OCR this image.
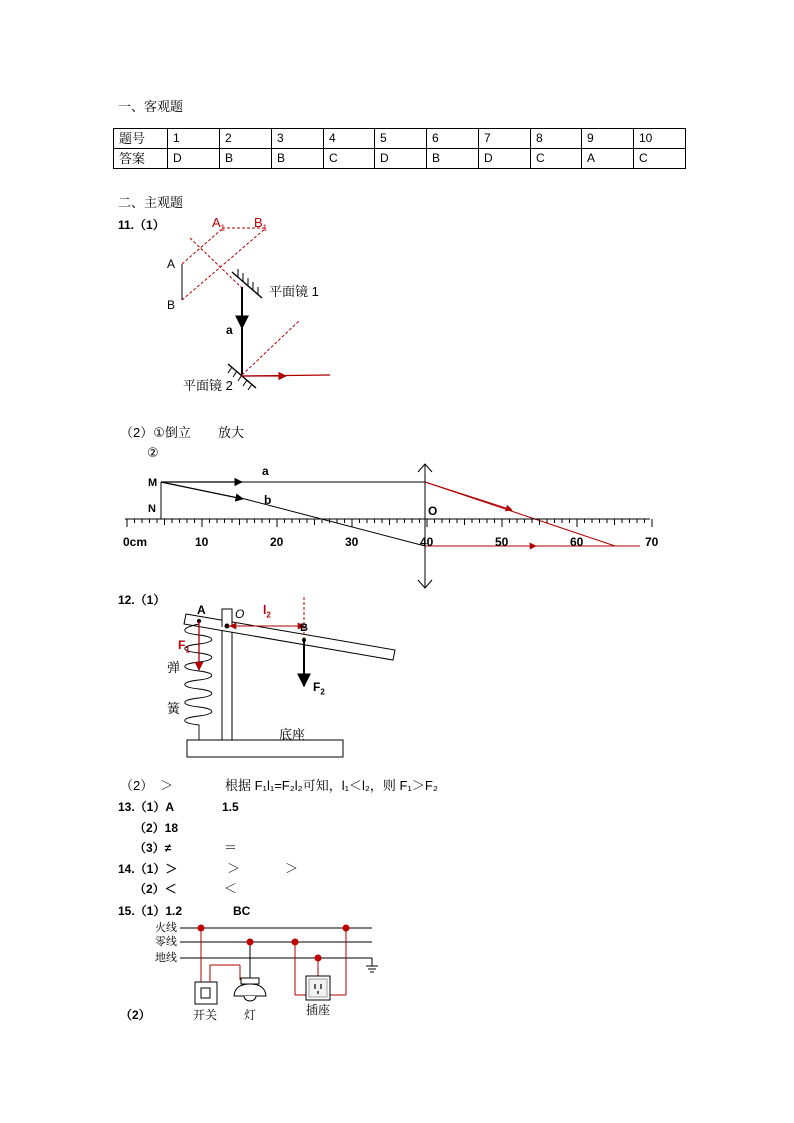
一、客观题
题号	1	2	3	4	5	6	7	8	9	10
答案	D	B	B	C	D	B	D	C	A	C
二、主观题
11.（1）	$A_1$ $B_1$
A
B
平面镜 1
a
平面镜 2
（2）①倒立 放大
②
0cm	10	20	30	40	50	60	70
M
N
a
b
O
12.（1）
A O
B
$l_2$
$F_1$
$F_2$
弹
簧
底座
（2） ＞	根据 F₁l₁=F₂l₂可知，l₁＜l₂，则 F₁＞F₂
13.（1）A	1.5
（2）18
（3）≠	＝
14.（1）＞	＞	＞
（2）＜	＜
15.（1）1.2	BC
火线
零线
地线
开关 灯	插座
（2）
